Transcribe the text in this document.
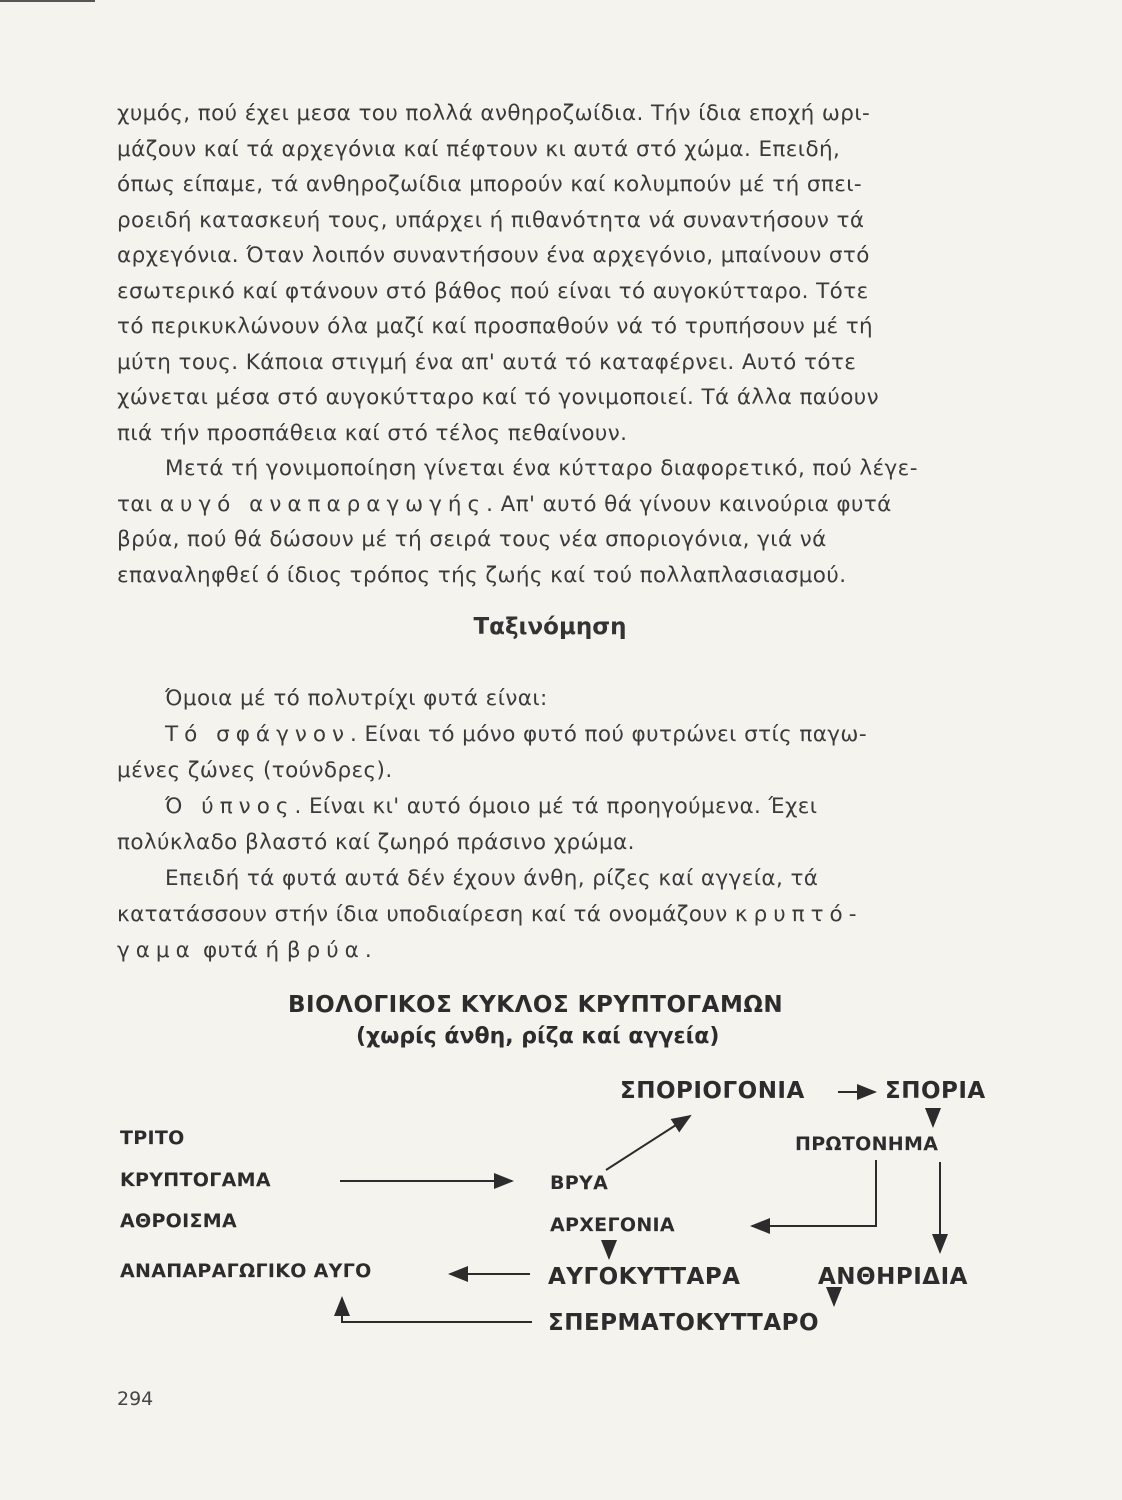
χυμός, πού έχει μεσα του πολλά ανθηροζωίδια. Τήν ίδια εποχή ωρι-

μάζουν καί τά αρχεγόνια καί πέφτουν κι αυτά στό χώμα. Επειδή,

όπως είπαμε, τά ανθηροζωίδια μπορούν καί κολυμπούν μέ τή σπει-

ροειδή κατασκευή τους, υπάρχει ή πιθανότητα νά συναντήσουν τά

αρχεγόνια. Όταν λοιπόν συναντήσουν ένα αρχεγόνιο, μπαίνουν στό

εσωτερικό καί φτάνουν στό βάθος πού είναι τό αυγοκύτταρο. Τότε

τό περικυκλώνουν όλα μαζί καί προσπαθούν νά τό τρυπήσουν μέ τή

μύτη τους. Κάποια στιγμή ένα απ' αυτά τό καταφέρνει. Αυτό τότε

χώνεται μέσα στό αυγοκύτταρο καί τό γονιμοποιεί. Τά άλλα παύουν

πιά τήν προσπάθεια καί στό τέλος πεθαίνουν.

Μετά τή γονιμοποίηση γίνεται ένα κύτταρο διαφορετικό, πού λέγε-

ται αυγό αναπαραγωγής. Απ' αυτό θά γίνουν καινούρια φυτά

βρύα, πού θά δώσουν μέ τή σειρά τους νέα σποριογόνια, γιά νά

επαναληφθεί ό ίδιος τρόπος τής ζωής καί τού πολλαπλασιασμού.

Ταξινόμηση

Όμοια μέ τό πολυτρίχι φυτά είναι:

Τό σφάγνον. Είναι τό μόνο φυτό πού φυτρώνει στίς παγω-

μένες ζώνες (τούνδρες).

Ό ύπνος. Είναι κι' αυτό όμοιο μέ τά προηγούμενα. Έχει

πολύκλαδο βλαστό καί ζωηρό πράσινο χρώμα.

Επειδή τά φυτά αυτά δέν έχουν άνθη, ρίζες καί αγγεία, τά

κατατάσσουν στήν ίδια υποδιαίρεση καί τά ονομάζουν κρυπτό-

γαμα φυτά ή βρύα.

ΒΙΟΛΟΓΙΚΟΣ ΚΥΚΛΟΣ ΚΡΥΠΤΟΓΑΜΩΝ
(χωρίς άνθη, ρίζα καί αγγεία)
ΣΠΟΡΙΟΓΟΝΙΑ	ΣΠΟΡΙΑ
ΠΡΩΤΟΝΗΜΑ
ΤΡΙΤΟ
ΚΡΥΠΤΟΓΑΜΑ
ΑΘΡΟΙΣΜΑ
ΒΡΥΑ
ΑΡΧΕΓΟΝΙΑ
ΑΝΑΠΑΡΑΓΩΓΙΚΟ ΑΥΓΟ	ΑΥΓΟΚΥΤΤΑΡΑ	ΑΝΘΗΡΙΔΙΑ
ΣΠΕΡΜΑΤΟΚΥΤΤΑΡΟ
294
